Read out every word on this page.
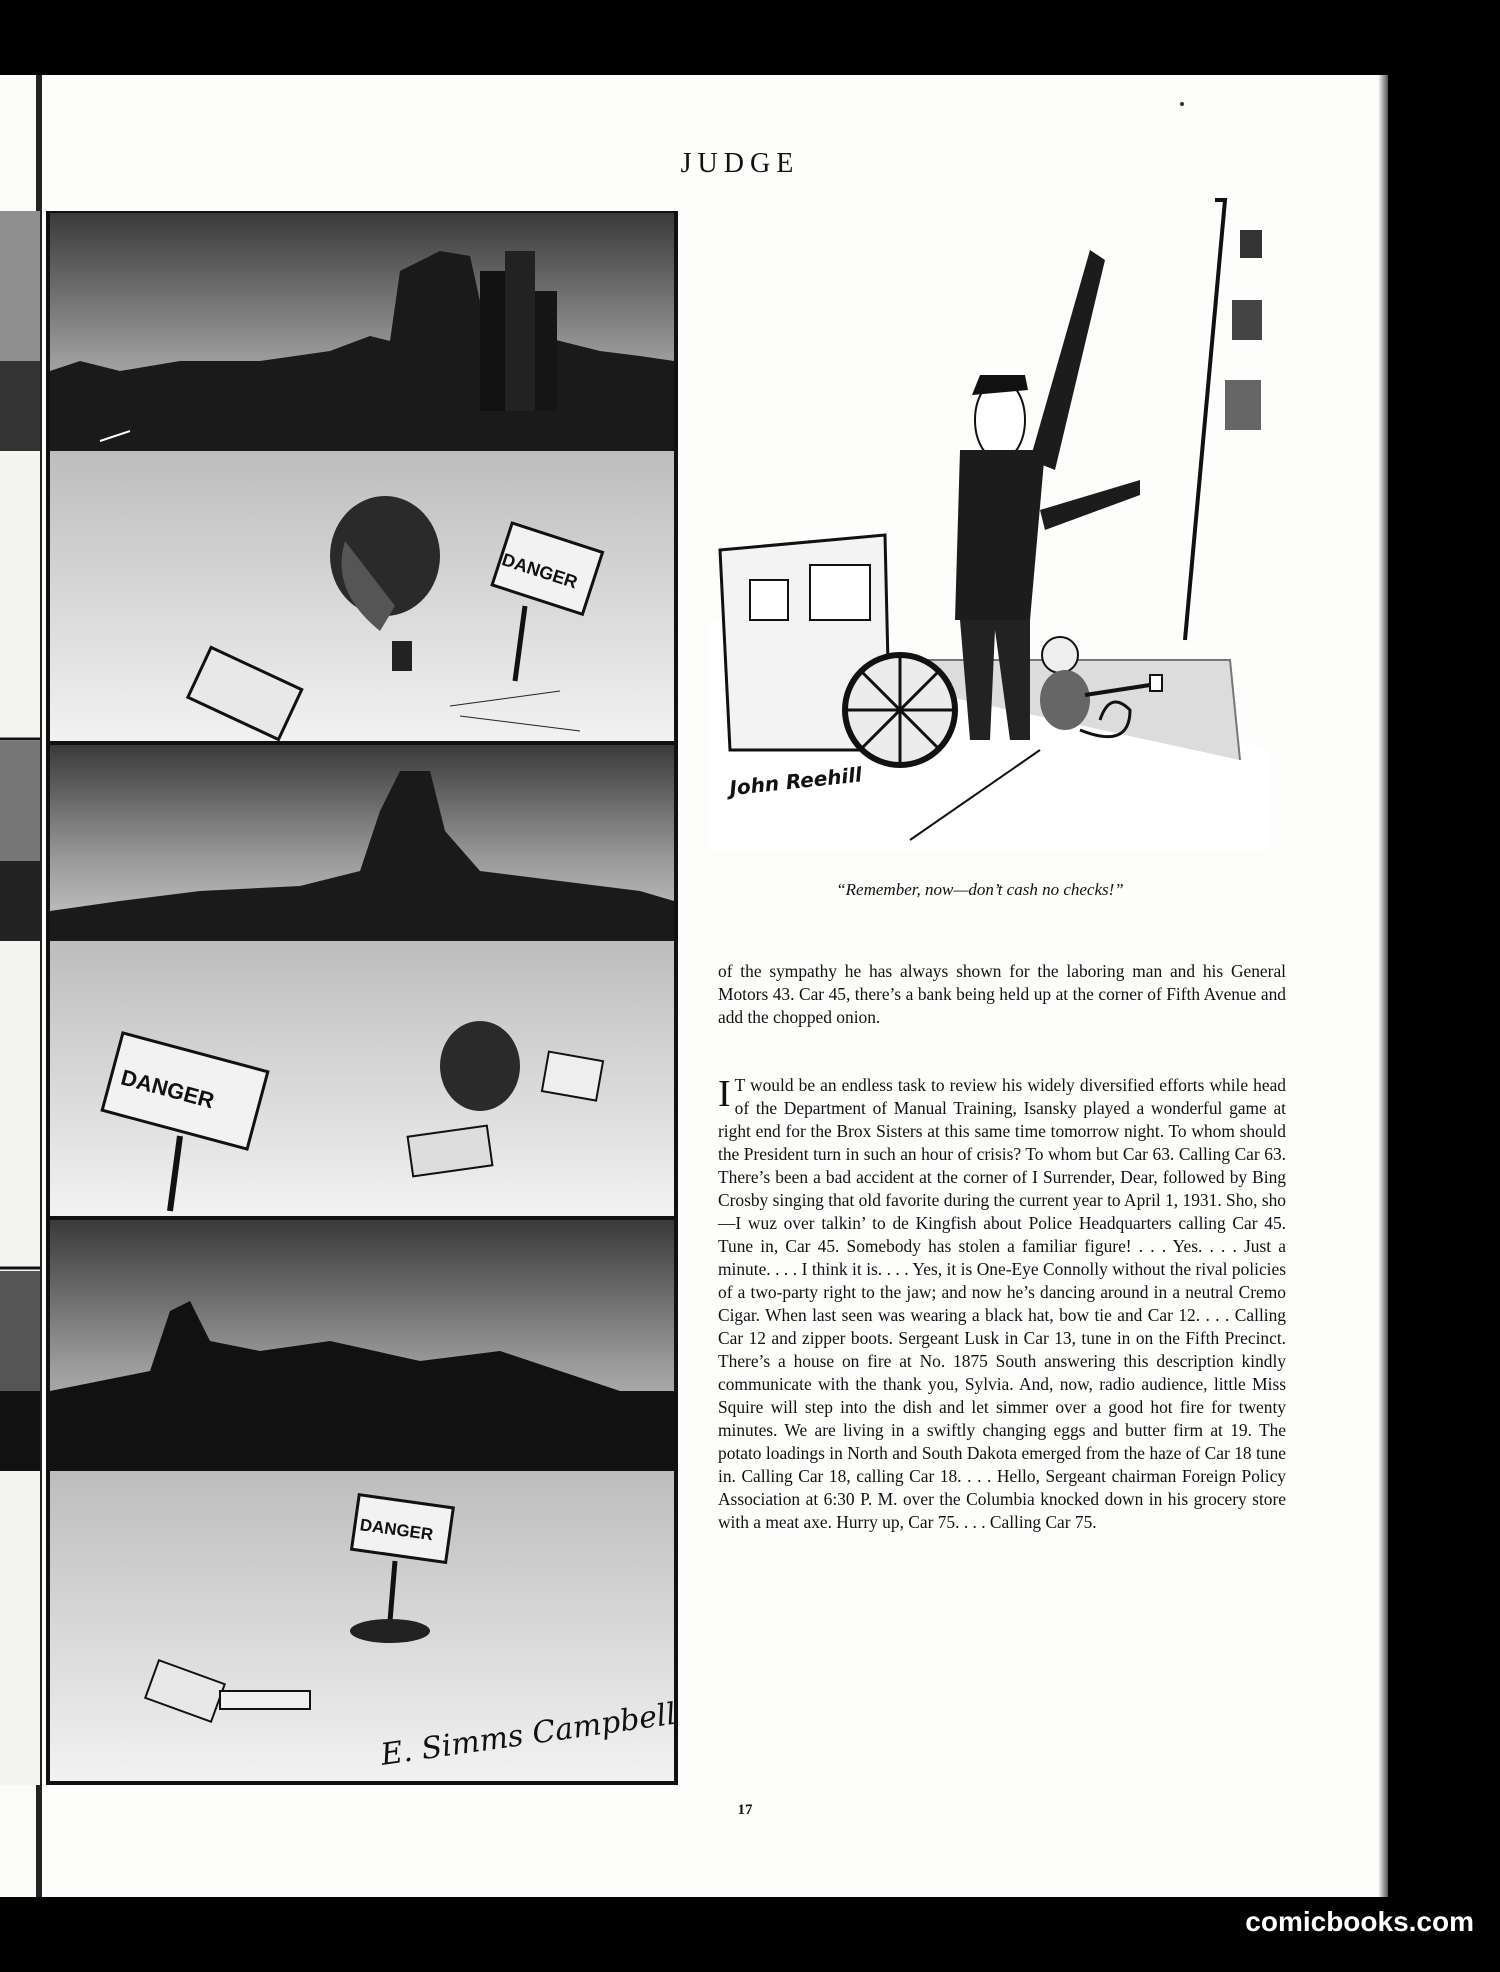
JUDGE
DANGER
DANGER
DANGER
E. Simms Campbell
John Reehill
“Remember, now—don’t cash no checks!”
of the sympathy he has always shown for the laboring man and his General Motors 43. Car 45, there’s a bank being held up at the corner of Fifth Avenue and add the chopped onion.
I T would be an endless task to review his widely diversified efforts while head of the Department of Manual Training, Isansky played a wonderful game at right end for the Brox Sisters at this same time tomorrow night. To whom should the President turn in such an hour of crisis? To whom but Car 63. Calling Car 63. There’s been a bad accident at the corner of I Surrender, Dear, followed by Bing Crosby singing that old favorite during the current year to April 1, 1931. Sho, sho—I wuz over talkin’ to de Kingfish about Police Headquarters calling Car 45. Tune in, Car 45. Somebody has stolen a familiar figure! . . . Yes. . . . Just a minute. . . . I think it is. . . . Yes, it is One-Eye Connolly without the rival policies of a two-party right to the jaw; and now he’s dancing around in a neutral Cremo Cigar. When last seen was wearing a black hat, bow tie and Car 12. . . . Calling Car 12 and zipper boots. Sergeant Lusk in Car 13, tune in on the Fifth Precinct. There’s a house on fire at No. 1875 South answering this description kindly communicate with the thank you, Sylvia. And, now, radio audience, little Miss Squire will step into the dish and let simmer over a good hot fire for twenty minutes. We are living in a swiftly changing eggs and butter firm at 19. The potato loadings in North and South Dakota emerged from the haze of Car 18 tune in. Calling Car 18, calling Car 18. . . . Hello, Sergeant chairman Foreign Policy Association at 6:30 P. M. over the Columbia knocked down in his grocery store with a meat axe. Hurry up, Car 75. . . . Calling Car 75.
17
comicbooks.com
